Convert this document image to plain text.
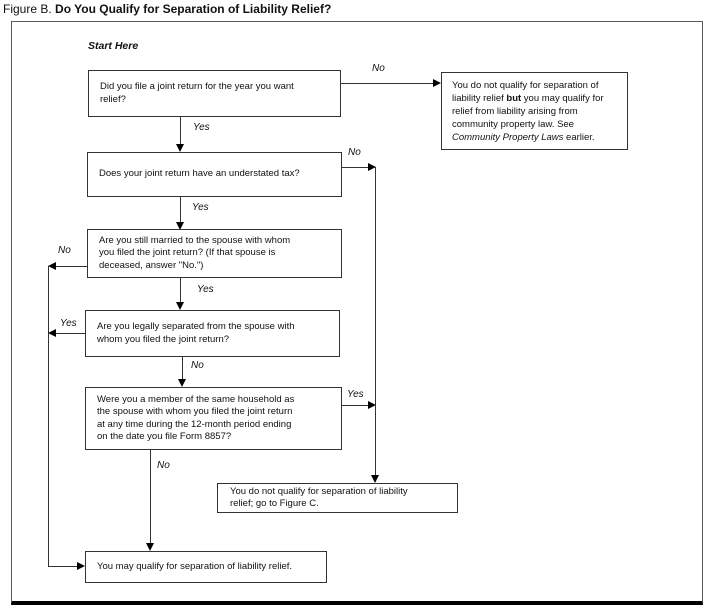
Figure B. Do You Qualify for Separation of Liability Relief?
Start Here
Did you file a joint return for the year you want
relief?
Does your joint return have an understated tax?
Are you still married to the spouse with whom
you filed the joint return? (If that spouse is
deceased, answer "No.")
Are you legally separated from the spouse with
whom you filed the joint return?
Were you a member of the same household as
the spouse with whom you filed the joint return
at any time during the 12-month period ending
on the date you file Form 8857?
You do not qualify for separation of
liability relief but you may qualify for
relief from liability arising from
community property law. See
Community Property Laws earlier.
You do not qualify for separation of liability
relief; go to Figure C.
You may qualify for separation of liability relief.
Yes
No
Yes
No
No
Yes
Yes
No
Yes
No
